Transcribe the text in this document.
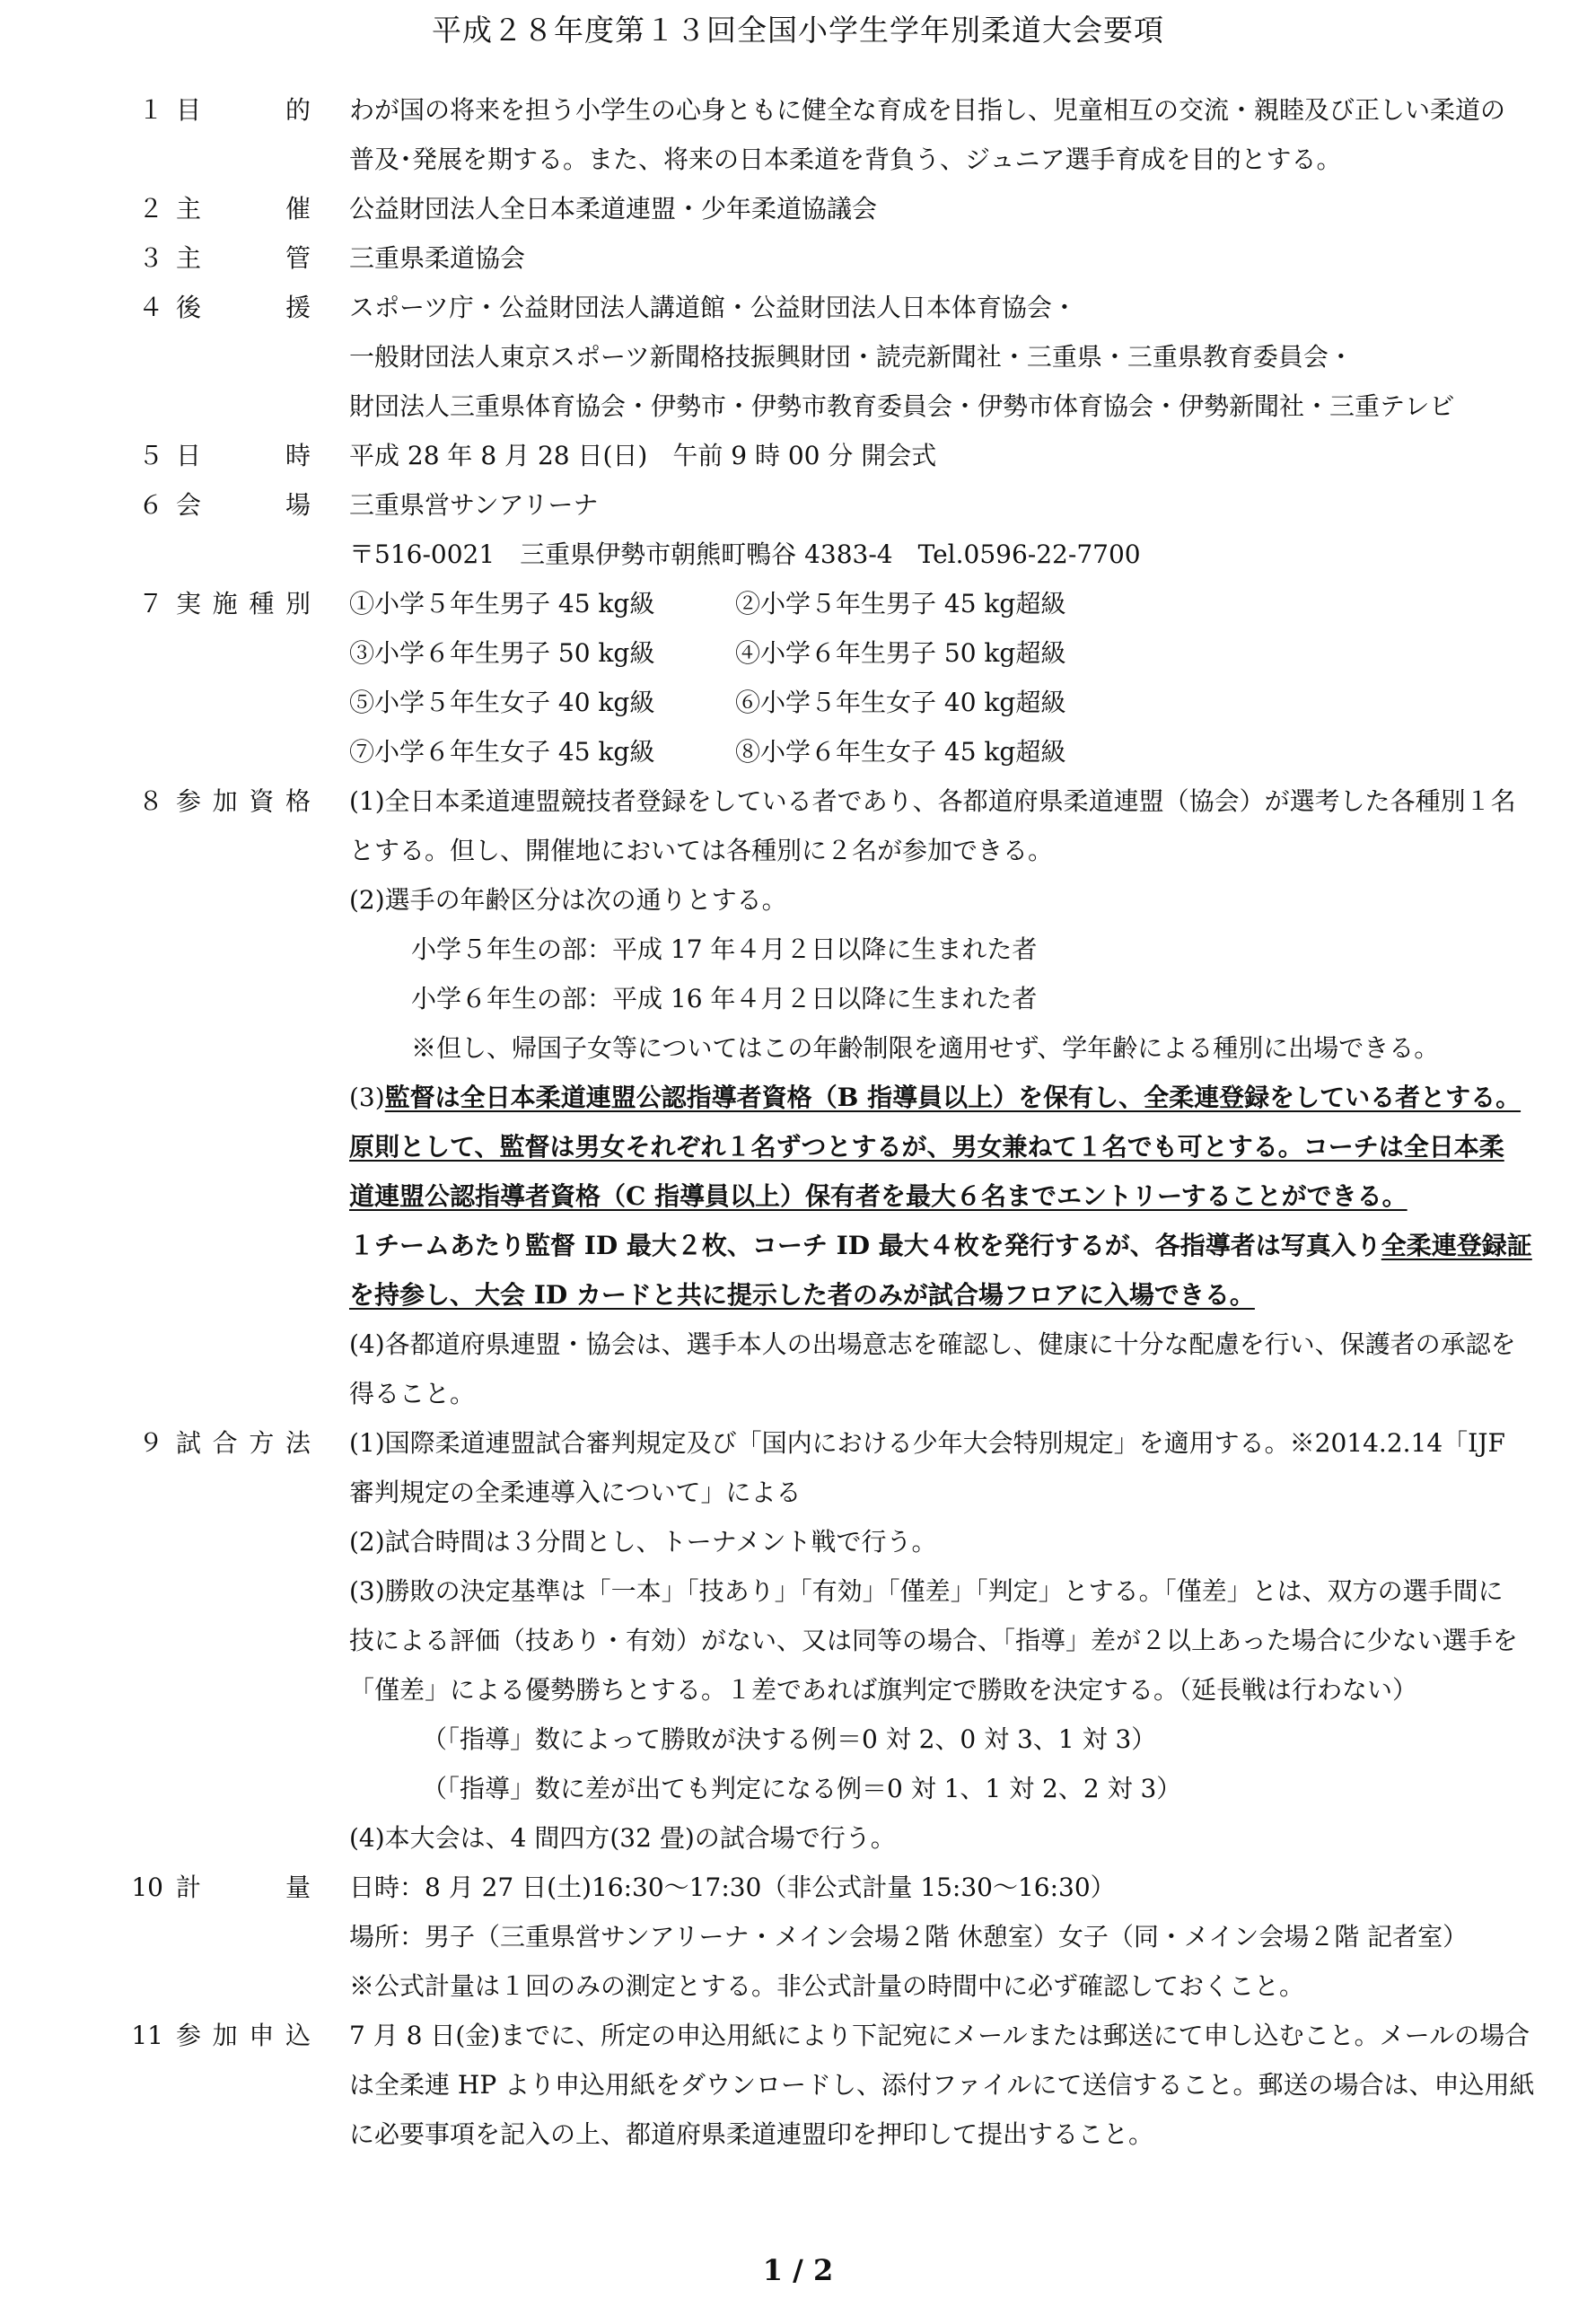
平成２８年度第１３回全国小学生学年別柔道大会要項
１ 目	的 わが国の将来を担う小学生の心身ともに健全な育成を目指し、児童相互の交流・親睦及び正しい柔道の
普及･発展を期する。また、将来の日本柔道を背負う、ジュニア選手育成を目的とする。
２ 主	催 公益財団法人全日本柔道連盟・少年柔道協議会
３ 主	管 三重県柔道協会
４ 後	援 スポーツ庁・公益財団法人講道館・公益財団法人日本体育協会・
一般財団法人東京スポーツ新聞格技振興財団・読売新聞社・三重県・三重県教育委員会・
財団法人三重県体育協会・伊勢市・伊勢市教育委員会・伊勢市体育協会・伊勢新聞社・三重テレビ
５ 日	時 平成 28 年 8 月 28 日(日)　午前 9 時 00 分 開会式
６ 会	場 三重県営サンアリーナ
〒516-0021　三重県伊勢市朝熊町鴨谷 4383-4　Tel.0596-22-7700
７ 実 施 種 別 ①小学５年生男子 45 kg級	②小学５年生男子 45 kg超級
③小学６年生男子 50 kg級	④小学６年生男子 50 kg超級
⑤小学５年生女子 40 kg級	⑥小学５年生女子 40 kg超級
⑦小学６年生女子 45 kg級	⑧小学６年生女子 45 kg超級
８ 参 加 資 格 (1)全日本柔道連盟競技者登録をしている者であり、各都道府県柔道連盟（協会）が選考した各種別１名
とする。但し、開催地においては各種別に２名が参加できる。
(2)選手の年齢区分は次の通りとする。
小学５年生の部：平成 17 年４月２日以降に生まれた者
小学６年生の部：平成 16 年４月２日以降に生まれた者
※但し、帰国子女等についてはこの年齢制限を適用せず、学年齢による種別に出場できる。
(3)監督は全日本柔道連盟公認指導者資格（B 指導員以上）を保有し、全柔連登録をしている者とする。
原則として、監督は男女それぞれ１名ずつとするが、男女兼ねて１名でも可とする。コーチは全日本柔
道連盟公認指導者資格（C 指導員以上）保有者を最大６名までエントリーすることができる。
１チームあたり監督 ID 最大２枚、コーチ ID 最大４枚を発行するが、各指導者は写真入り全柔連登録証
を持参し、大会 ID カードと共に提示した者のみが試合場フロアに入場できる。
(4)各都道府県連盟・協会は、選手本人の出場意志を確認し、健康に十分な配慮を行い、保護者の承認を
得ること。
９ 試 合 方 法 (1)国際柔道連盟試合審判規定及び「国内における少年大会特別規定」を適用する。※2014.2.14「IJF
審判規定の全柔連導入について」による
(2)試合時間は３分間とし、トーナメント戦で行う。
(3)勝敗の決定基準は「一本」「技あり」「有効」「僅差」「判定」とする。「僅差」とは、双方の選手間に
技による評価（技あり・有効）がない、又は同等の場合、「指導」差が２以上あった場合に少ない選手を
「僅差」による優勢勝ちとする。１差であれば旗判定で勝敗を決定する。（延長戦は行わない）
（「指導」数によって勝敗が決する例＝0 対 2、0 対 3、1 対 3）
（「指導」数に差が出ても判定になる例＝0 対 1、1 対 2、2 対 3）
(4)本大会は、4 間四方(32 畳)の試合場で行う。
10 計	量 日時：8 月 27 日(土)16:30～17:30（非公式計量 15:30～16:30）
場所：男子（三重県営サンアリーナ・メイン会場２階 休憩室）女子（同・メイン会場２階 記者室）
※公式計量は１回のみの測定とする。非公式計量の時間中に必ず確認しておくこと。
11 参 加 申 込 7 月 8 日(金)までに、所定の申込用紙により下記宛にメールまたは郵送にて申し込むこと。メールの場合
は全柔連 HP より申込用紙をダウンロードし、添付ファイルにて送信すること。郵送の場合は、申込用紙
に必要事項を記入の上、都道府県柔道連盟印を押印して提出すること。
1 / 2
